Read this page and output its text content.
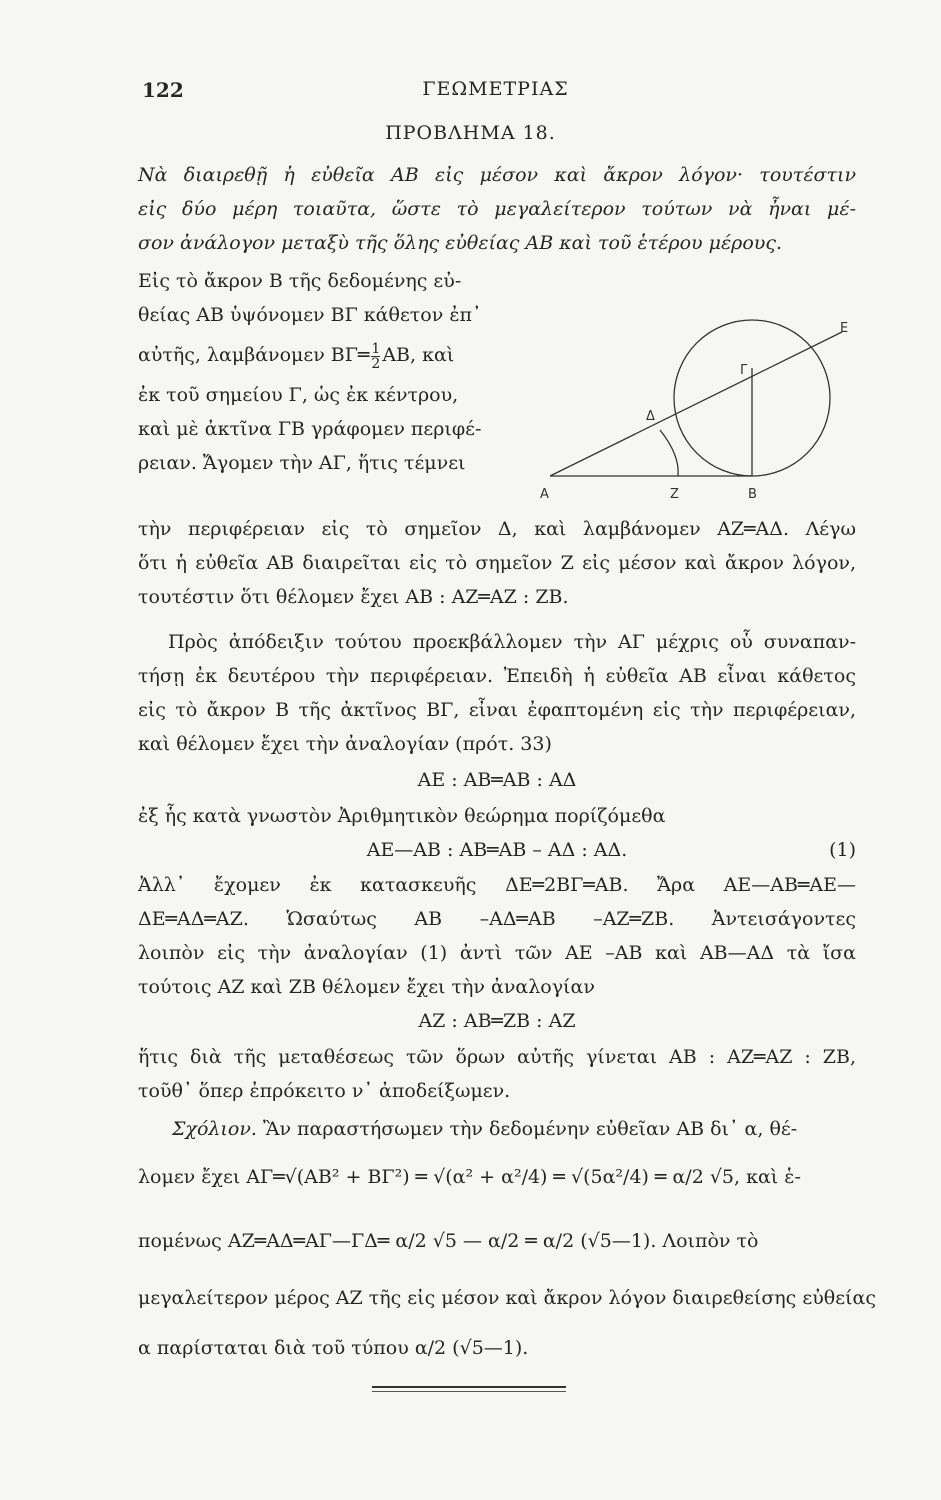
122	ΓΕΩΜΕΤΡΙΑΣ
ΠΡΟΒΛΗΜΑ 18.
Νὰ διαιρεθῇ ἡ εὐθεῖα ΑΒ εἰς μέσον καὶ ἄκρον λόγον· τουτέστιν
εἰς δύο μέρη τοιαῦτα, ὥστε τὸ μεγαλείτερον τούτων νὰ ἦναι μέ-
σον ἀνάλογον μεταξὺ τῆς ὅλης εὐθείας ΑΒ καὶ τοῦ ἑτέρου μέρους.
Εἰς τὸ ἄκρον Β τῆς δεδομένης εὐ-
θείας ΑΒ ὑψόνομεν ΒΓ κάθετον ἐπ᾽
αὐτῆς, λαμβάνομεν ΒΓ═ $\frac{1}{2} AB$, καὶ
ἐκ τοῦ σημείου Γ, ὡς ἐκ κέντρου,
καὶ μὲ ἀκτῖνα ΓΒ γράφομεν περιφέ-
ρειαν. Ἄγομεν τὴν ΑΓ, ἥτις τέμνει
Α	Ζ	Β
Γ
Δ
Ε
τὴν περιφέρειαν εἰς τὸ σημεῖον Δ, καὶ λαμβάνομεν ΑΖ═ΑΔ. Λέγω
ὅτι ἡ εὐθεῖα ΑΒ διαιρεῖται εἰς τὸ σημεῖον Ζ εἰς μέσον καὶ ἄκρον λόγον,
τουτέστιν ὅτι θέλομεν ἔχει ΑΒ : ΑΖ═ΑΖ : ΖΒ.
Πρὸς ἀπόδειξιν τούτου προεκβάλλομεν τὴν ΑΓ μέχρις οὗ συναπαν-
τήσῃ ἐκ δευτέρου τὴν περιφέρειαν. Ἐπειδὴ ἡ εὐθεῖα ΑΒ εἶναι κάθετος
εἰς τὸ ἄκρον Β τῆς ἀκτῖνος ΒΓ, εἶναι ἐφαπτομένη εἰς τὴν περιφέρειαν,
καὶ θέλομεν ἔχει τὴν ἀναλογίαν (πρότ. 33)
ΑΕ : ΑΒ═ΑΒ : ΑΔ
ἐξ ἧς κατὰ γνωστὸν Ἀριθμητικὸν θεώρημα πορίζόμεθα
ΑΕ—ΑΒ : ΑΒ═ΑΒ – ΑΔ : ΑΔ.	(1)
Ἀλλ᾽ ἔχομεν ἐκ κατασκευῆς ΔΕ═2ΒΓ═ΑΒ. Ἄρα ΑΕ—ΑΒ═ΑΕ—
ΔΕ═ΑΔ═ΑΖ. Ὡσαύτως ΑΒ –ΑΔ═ΑΒ –ΑΖ═ΖΒ. Ἀντεισάγοντες
λοιπὸν εἰς τὴν ἀναλογίαν (1) ἀντὶ τῶν ΑΕ –ΑΒ καὶ ΑΒ—ΑΔ τὰ ἴσα
τούτοις ΑΖ καὶ ΖΒ θέλομεν ἔχει τὴν ἀναλογίαν
ΑΖ : ΑΒ═ΖΒ : ΑΖ
ἥτις διὰ τῆς μεταθέσεως τῶν ὅρων αὐτῆς γίνεται ΑΒ : ΑΖ═ΑΖ : ΖΒ,
τοῦθ᾽ ὅπερ ἐπρόκειτο ν᾽ ἀποδείξωμεν.
Σχόλιον. Ἂν παραστήσωμεν τὴν δεδομένην εὐθεῖαν ΑΒ δι᾽ α, θέ-
λομεν ἔχει ΑΓ═√(ΑΒ² + ΒΓ²) ═ √(α² + α²/4) ═ √(5α²/4) ═ α/2 √5, καὶ ἑ-
πομένως ΑΖ═ΑΔ═ΑΓ—ΓΔ═ α/2 √5 — α/2 ═ α/2 (√5—1). Λοιπὸν τὸ
μεγαλείτερον μέρος ΑΖ τῆς εἰς μέσον καὶ ἄκρον λόγον διαιρεθείσης εὐθείας
α παρίσταται διὰ τοῦ τύπου α/2 (√5—1).
